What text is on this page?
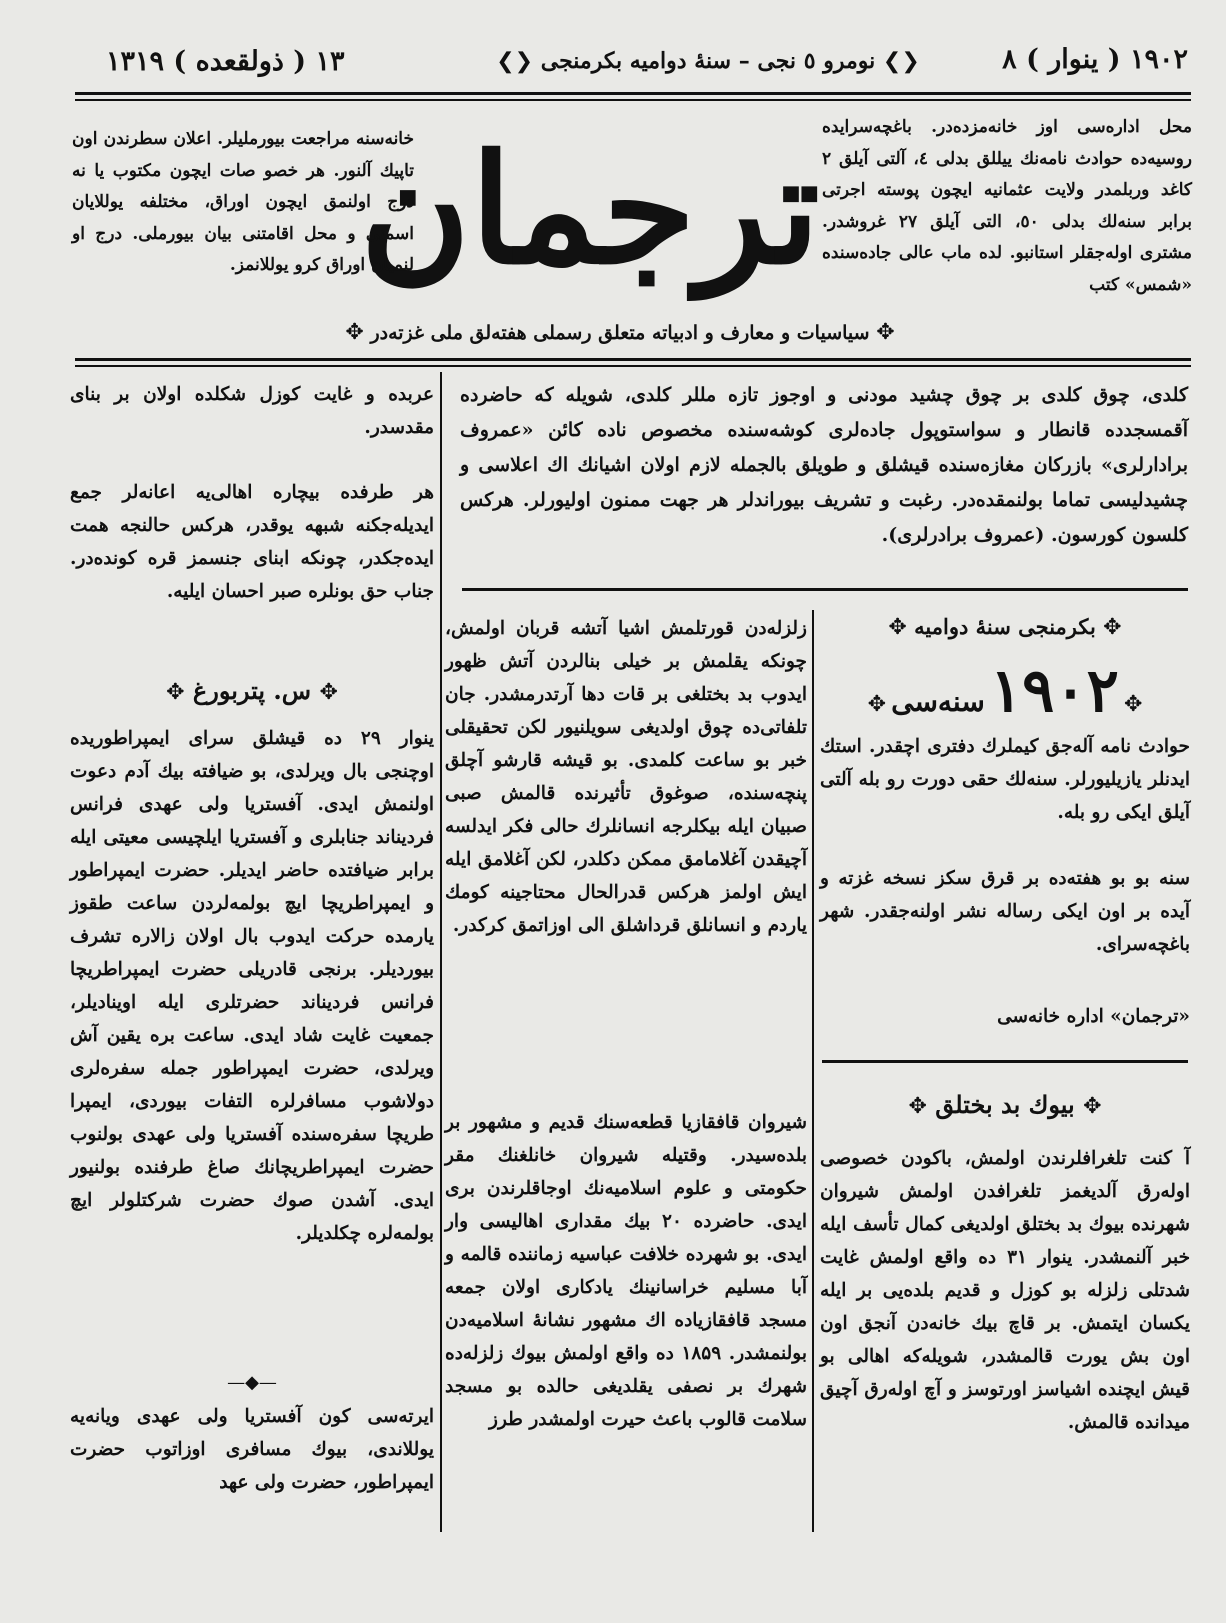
۱۹۰۲ ( ينوار ) ۸
❮❯ نومرو ٥ نجی – سنهٔ دوامیه بکرمنجی ❮❯
۱۳ ( ذولقعده ) ۱۳۱۹
محل اداره‌سی اوز خانه‌مزده‌در. باغچه‌سرایده روسیه‌ده حوادث نامه‌نك ییللق بدلی ٤، آلتی آیلق ۲ كاغد وربلمدر ولایت عثمانیه ایچون پوسته اجرتی برابر سنه‌لك بدلی ٥٠، التی آیلق ۲۷ غروشدر. مشتری اوله‌جقلر استانبو. لده ماب عالی جاده‌سنده «شمس» كتب
ترجمان
خانه‌سنه مراجعت بیورملیلر. اعلان سطرندن اون تاپیك آلنور. هر خصو صات ایچون مكتوب یا نه درج اولنمق ایچون اوراق، مختلفه یوللایان اسمنی و محل اقامتنی بیان بیورملی. درج او لنمیان اوراق كرو یوللانمز.
✥ سیاسیات و معارف و ادبیاته متعلق رسملی هفته‌لق ملی غزته‌در ✥
كلدی، چوق كلدی بر چوق چشید مودنی و اوجوز تازه مللر كلدی، شویله كه حاضرده آقمسجدده قانطار و سواستوپول جاده‌لری كوشه‌سنده مخصوص ناده كائن «عمروف برادارلری» بازركان مغازه‌سنده قیشلق و طویلق بالجمله لازم اولان اشیانك اك اعلاسی و چشیدلیسی تماما بولنمقده‌در. رغبت و تشریف بیوراندلر هر جهت ممنون اولیورلر. هركس كلسون كورسون. (عمروف برادرلری).
عربده و غایت كوزل شكلده اولان بر بنای مقدسدر.
هر طرفده بیچاره اهالی‌یه اعانه‌لر جمع ایدیله‌جكنه شبهه یوقدر، هركس حالنجه همت ایده‌جكدر، چونكه ابنای جنسمز قره كونده‌در. جناب حق بونلره صبر احسان ایلیه.
✥ س. پتربورغ ✥
ینوار ۲۹ ده قیشلق سرای ایمپراطوریده اوچنجی بال ویرلدی، بو ضیافته بیك آدم دعوت اولنمش ایدی. آفستریا ولی عهدی فرانس فردیناند جنابلری و آفستریا ایلچیسی معیتی ایله برابر ضیافتده حاضر ایدیلر. حضرت ایمپراطور و ایمپراطریچا ایچ بولمه‌لردن ساعت طقوز یارمده حركت ایدوب بال اولان زالاره تشرف بیوردیلر. برنجی قادریلی حضرت ایمپراطریچا فرانس فردیناند حضرتلری ایله اویناديلر، جمعیت غایت شاد ایدی. ساعت بره یقین آش ویرلدی، حضرت ایمپراطور جمله سفره‌لری دولاشوب مسافرلره التفات بیوردی، ایمپرا طریچا سفره‌سنده آفستریا ولی عهدی بولنوب حضرت ایمپراطریچانك صاغ طرفنده بولنیور ایدی. آشدن صوك حضرت شركتلولر ایچ بولمه‌لره چكلدیلر.
—◆—
ایرته‌سی كون آفستریا ولی عهدی ویانه‌یه یوللاندی، بیوك مسافری اوزاتوب حضرت ایمپراطور، حضرت ولی عهد
زلزله‌دن قورتلمش اشیا آتشه قربان اولمش، چونكه یقلمش بر خیلی بنالردن آتش ظهور ایدوب بد بختلغی بر قات دها آرتدرمشدر. جان تلفاتی‌ده چوق اولدیغی سویلنیور لكن تحقیقلی خبر بو ساعت كلمدی. بو قیشه قارشو آچلق پنچه‌سنده، صوغوق تأثیرنده قالمش صبی صبیان ایله بیكلرجه انسانلرك حالی فكر ایدلسه آچیقدن آغلامامق ممكن دكلدر، لكن آغلامق ایله ایش اولمز هركس قدرالحال محتاجینه كومك یاردم و انسانلق قرداشلق الی اوزاتمق كركدر.
شیروان قافقازیا قطعه‌سنك قدیم و مشهور بر بلده‌سیدر. وقتیله شیروان خانلغنك مقر حكومتی و علوم اسلامیه‌نك اوجاقلرندن بری ایدی. حاضرده ۲۰ بیك مقداری اهالیسی وار ایدی. بو شهرده خلافت عباسیه زماننده قالمه و آبا مسلیم خراسانینك یادكاری اولان جمعه مسجد قافقازیاده اك مشهور نشانهٔ اسلامیه‌دن بولنمشدر. ۱۸۵۹ ده واقع اولمش بیوك زلزله‌ده شهرك بر نصفی یقلدیغی حالده بو مسجد سلامت قالوب باعث حیرت اولمشدر طرز
✥ بكرمنجی سنهٔ دوامیه ✥
✥ ۱۹۰۲ سنه‌سی ✥
حوادث نامه آله‌جق كیملرك دفتری اچقدر. استك ایدنلر یازیلیورلر. سنه‌لك حقی دورت رو بله آلتی آیلق ایكی رو بله.
سنه بو بو هفته‌ده بر قرق سكز نسخه غزته و آیده بر اون ایكی رساله نشر اولنه‌جقدر. شهر باغچه‌سرای.
«ترجمان» اداره خانه‌سی
✥ بیوك بد بختلق ✥
آ كنت تلغرافلرندن اولمش، باكودن خصوصی اوله‌رق آلدیغمز تلغرافدن اولمش شیروان شهرنده بیوك بد بختلق اولدیغی كمال تأسف ایله خبر آلنمشدر. ینوار ۳۱ ده واقع اولمش غایت شدتلی زلزله بو كوزل و قدیم بلده‌یی بر ایله یكسان ایتمش. بر قاچ بیك خانه‌دن آنجق اون اون بش یورت قالمشدر، شویله‌كه اهالی بو قیش ایچنده اشیاسز اورتوسز و آچ اوله‌رق آچیق میدانده قالمش.
